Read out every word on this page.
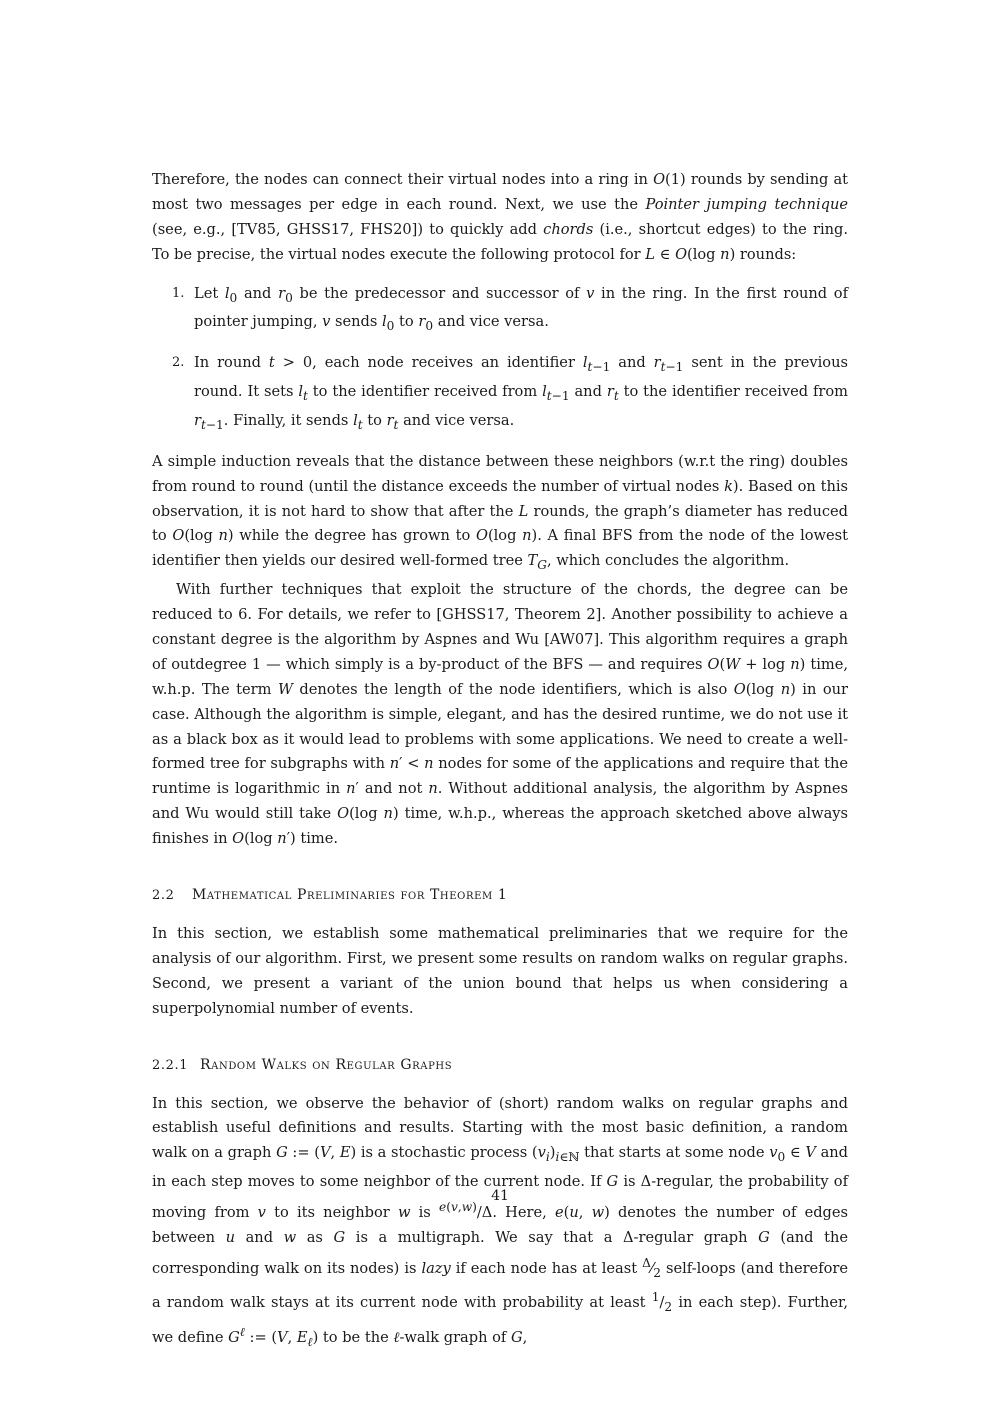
Therefore, the nodes can connect their virtual nodes into a ring in O(1) rounds by sending at most two messages per edge in each round. Next, we use the Pointer jumping technique (see, e.g., [TV85, GHSS17, FHS20]) to quickly add chords (i.e., shortcut edges) to the ring. To be precise, the virtual nodes execute the following protocol for L ∈ O(log n) rounds:

1. Let $l_0$ and $r_0$ be the predecessor and successor of v in the ring. In the first round of pointer jumping, v sends $l_0$ to $r_0$ and vice versa.
2. In round t > 0, each node receives an identifier $l_{t-1}$ and $r_{t-1}$ sent in the previous round. It sets $l_t$ to the identifier received from $l_{t-1}$ and $r_t$ to the identifier received from $r_{t-1}$. Finally, it sends $l_t$ to $r_t$ and vice versa.

A simple induction reveals that the distance between these neighbors (w.r.t the ring) doubles from round to round (until the distance exceeds the number of virtual nodes k). Based on this observation, it is not hard to show that after the L rounds, the graph’s diameter has reduced to O(log n) while the degree has grown to O(log n). A final BFS from the node of the lowest identifier then yields our desired well-formed tree $T_G$, which concludes the algorithm.

With further techniques that exploit the structure of the chords, the degree can be reduced to 6. For details, we refer to [GHSS17, Theorem 2]. Another possibility to achieve a constant degree is the algorithm by Aspnes and Wu [AW07]. This algorithm requires a graph of outdegree 1 — which simply is a by-product of the BFS — and requires O(W + log n) time, w.h.p. The term W denotes the length of the node identifiers, which is also O(log n) in our case. Although the algorithm is simple, elegant, and has the desired runtime, we do not use it as a black box as it would lead to problems with some applications. We need to create a well-formed tree for subgraphs with n′ < n nodes for some of the applications and require that the runtime is logarithmic in n′ and not n. Without additional analysis, the algorithm by Aspnes and Wu would still take O(log n) time, w.h.p., whereas the approach sketched above always finishes in O(log n′) time.

2.2 Mathematical Preliminaries for Theorem 1

In this section, we establish some mathematical preliminaries that we require for the analysis of our algorithm. First, we present some results on random walks on regular graphs. Second, we present a variant of the union bound that helps us when considering a superpolynomial number of events.

2.2.1 Random Walks on Regular Graphs

In this section, we observe the behavior of (short) random walks on regular graphs and establish useful definitions and results. Starting with the most basic definition, a random walk on a graph G := (V, E) is a stochastic process $(v_i)_{i\in ℕ}$ that starts at some node $v_0$ ∈ V and in each step moves to some neighbor of the current node. If G is Δ-regular, the probability of moving from v to its neighbor w is $^{e(v,w)}$/Δ. Here, e(u, w) denotes the number of edges between u and w as G is a multigraph. We say that a Δ-regular graph G (and the corresponding walk on its nodes) is lazy if each node has at least $^\Delta⁄_2$ self-loops (and therefore a random walk stays at its current node with probability at least $^1/_2$ in each step). Further, we define $G^\ell$ := (V, $E_\ell$) to be the ℓ-walk graph of G,

41
